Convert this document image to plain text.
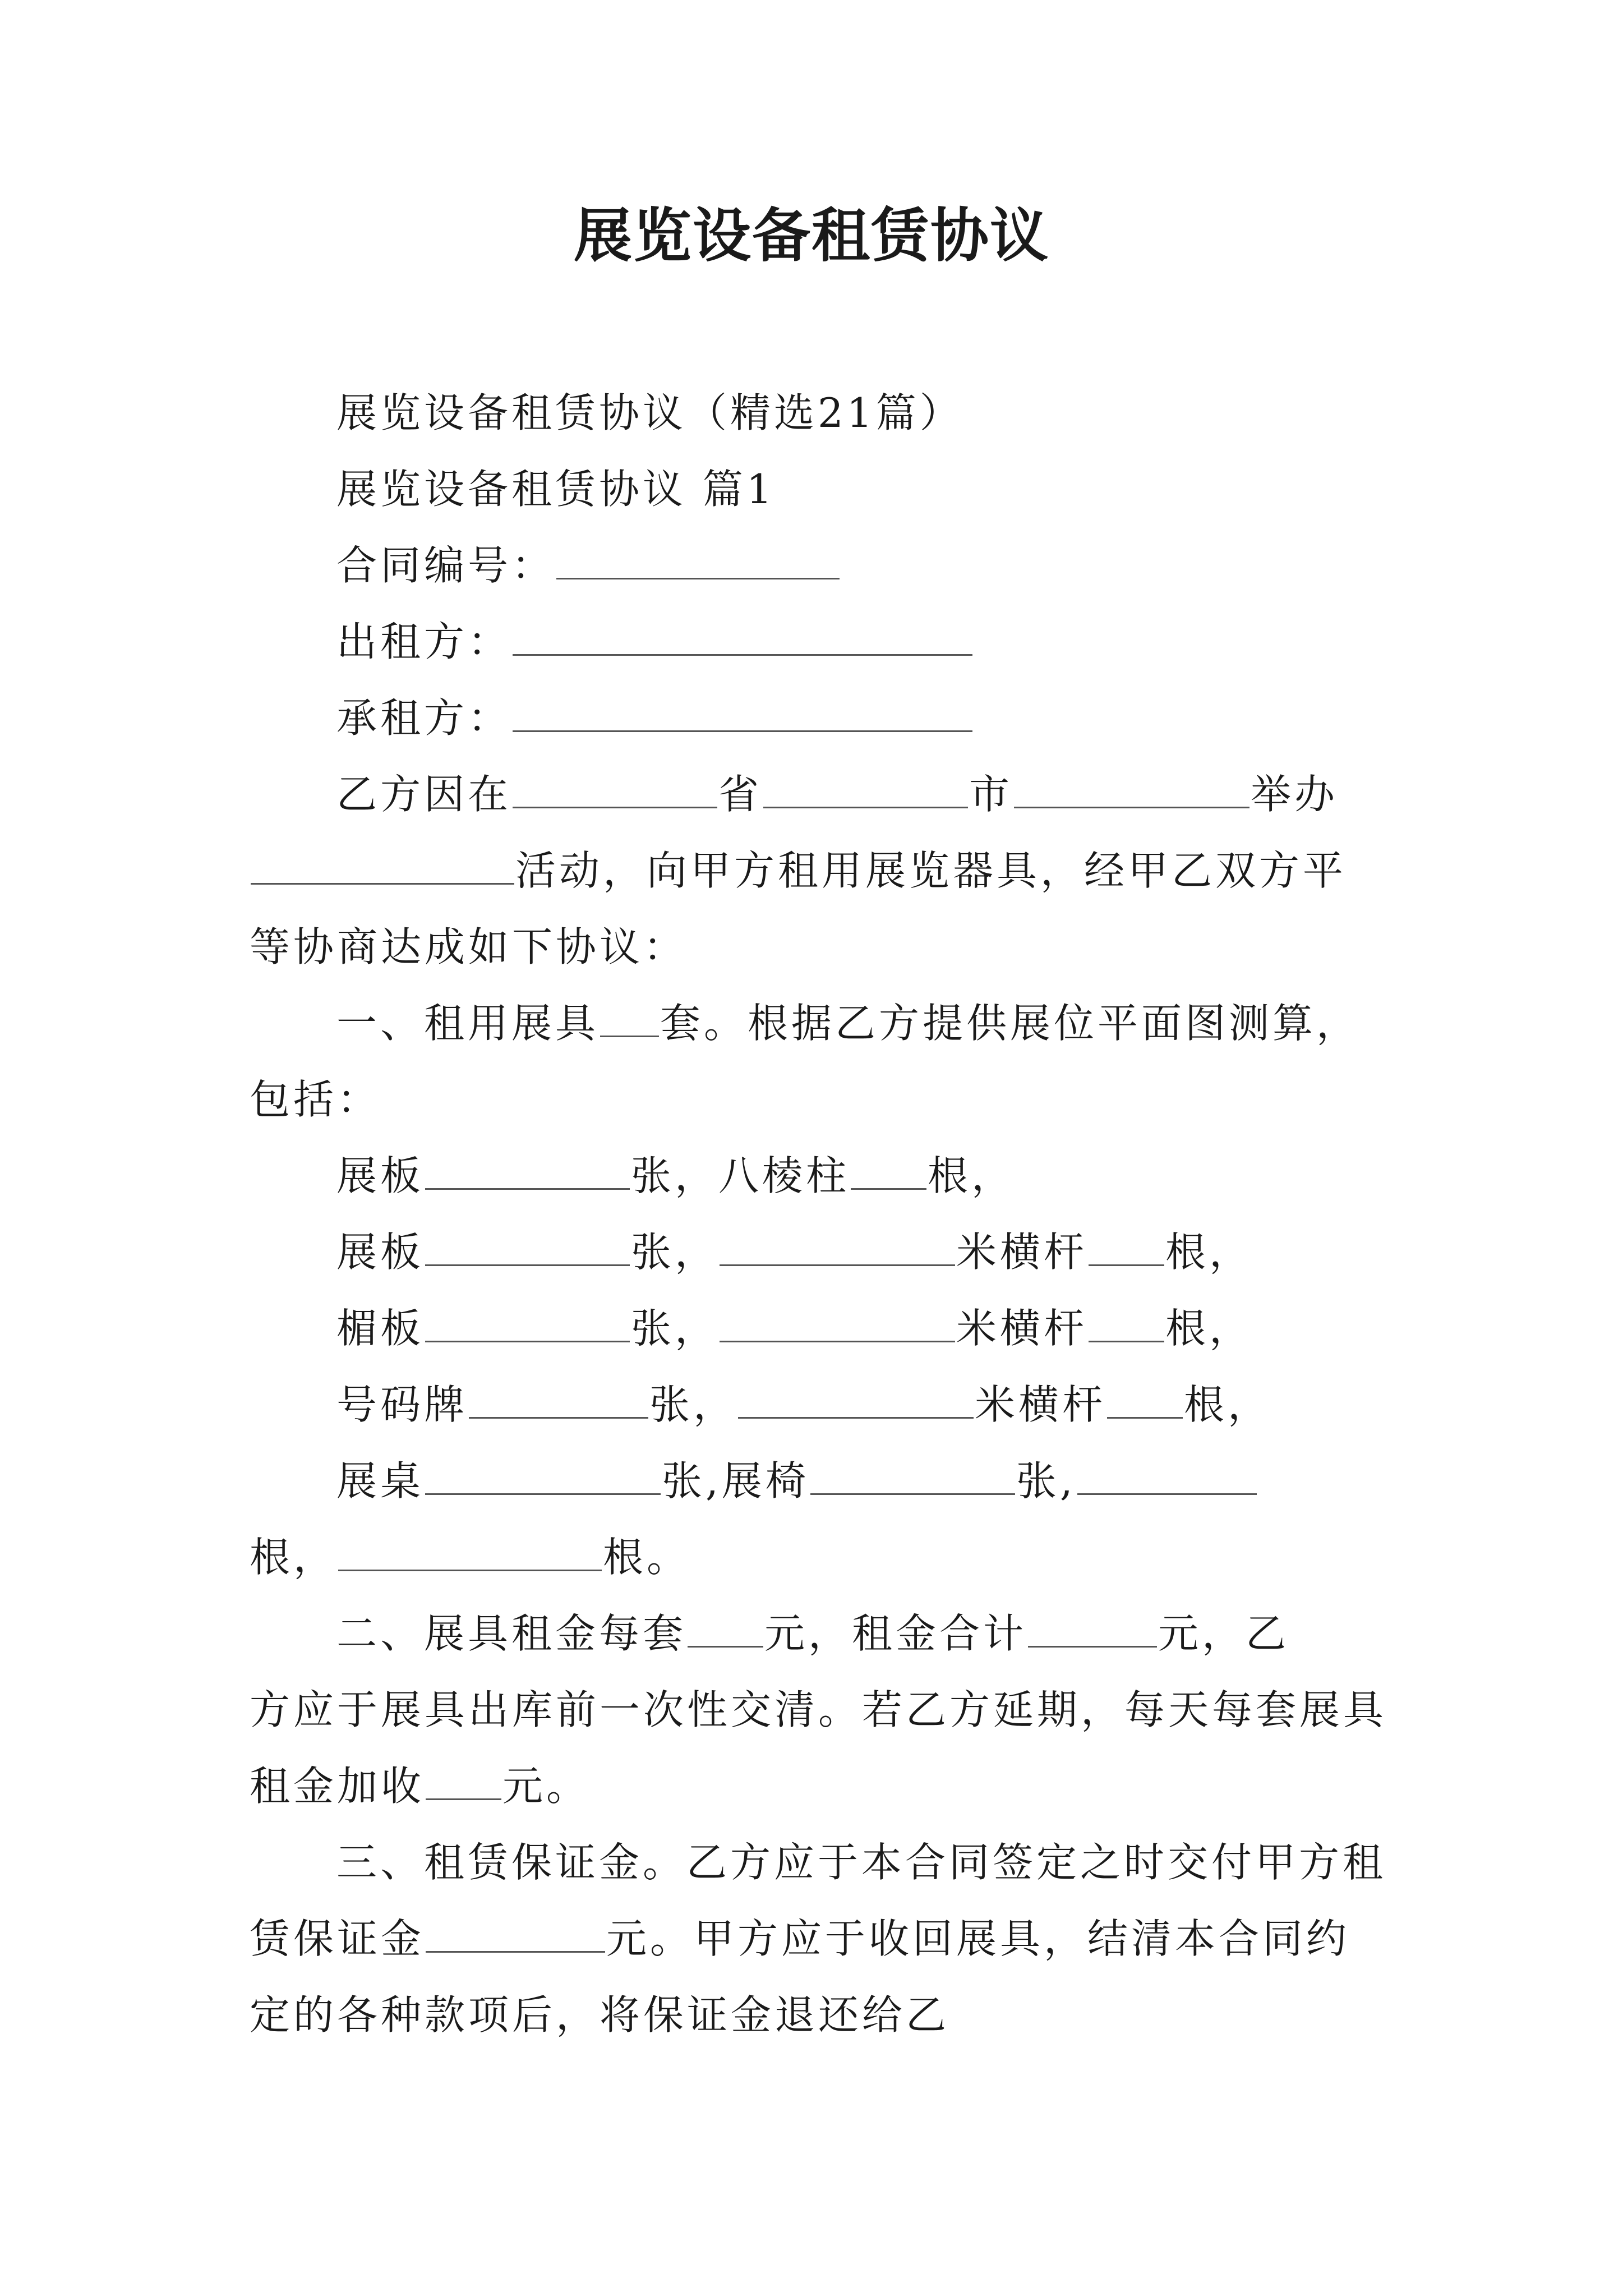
展览设备租赁协议
展览设备租赁协议（精选21篇）
展览设备租赁协议 篇1
合同编号：
出租方：
承租方：
乙方因在	省	市	举办
活动，向甲方租用展览器具，经甲乙双方平
等协商达成如下协议：
一、租用展具 套。根据乙方提供展位平面图测算，
包括：
展板	张，八棱柱 根，
展板	张，	米横杆 根，
楣板	张，	米横杆 根，
号码牌	张，	米横杆 根，
展桌	张,展椅	张,
根，	根。
二、展具租金每套 元，租金合计	元，乙
方应于展具出库前一次性交清。若乙方延期，每天每套展具
租金加收 元。
三、租赁保证金。乙方应于本合同签定之时交付甲方租
赁保证金	元。甲方应于收回展具，结清本合同约
定的各种款项后，将保证金退还给乙
